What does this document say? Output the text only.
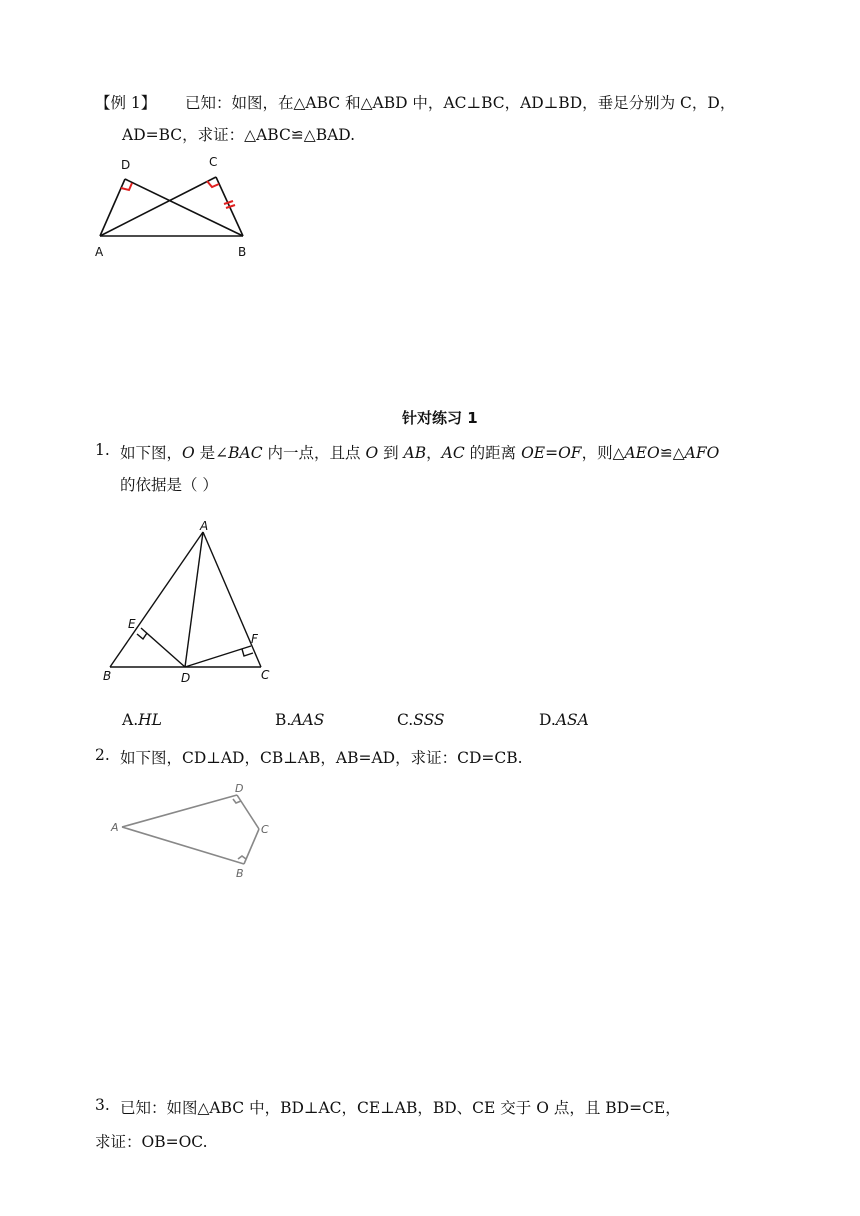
【例 1】 已知：如图，在△ABC 和△ABD 中，AC⊥BC，AD⊥BD，垂足分别为 C，D，
AD=BC，求证：△ABC≌△BAD.
D	C
A	B
针对练习 1
1. 如下图，O 是∠BAC 内一点，且点 O 到 AB，AC 的距离 OE=OF，则△AEO≌△AFO
的依据是（ ）
A
E
F
B	D	C
A.HL	B.AAS	C.SSS	D.ASA
2. 如下图，CD⊥AD，CB⊥AB，AB=AD，求证：CD=CB.
A
D
C
B
3. 已知：如图△ABC 中，BD⊥AC，CE⊥AB，BD、CE 交于 O 点，且 BD=CE，
求证：OB=OC.
